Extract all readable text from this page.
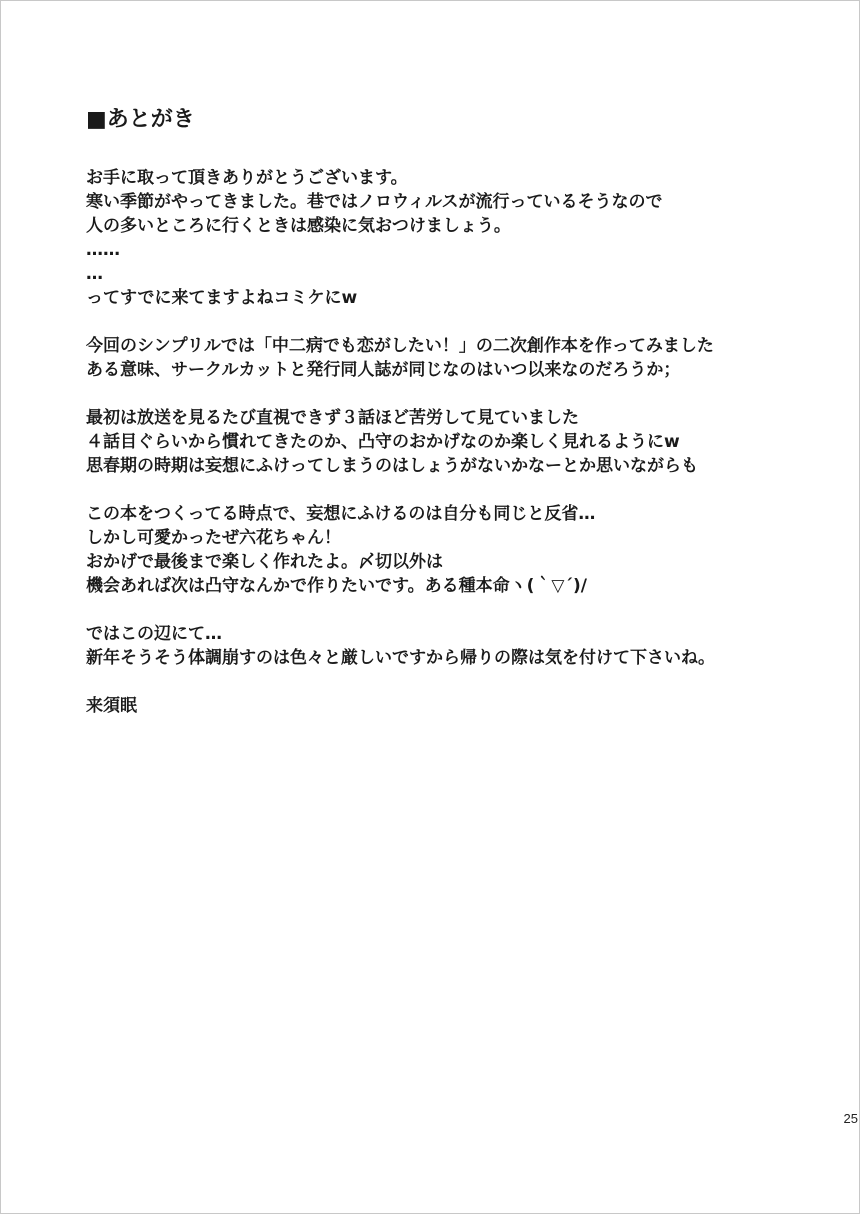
■あとがき
お手に取って頂きありがとうございます。
寒い季節がやってきました。巷ではノロウィルスが流行っているそうなので
人の多いところに行くときは感染に気おつけましょう。
……
…
ってすでに来てますよねコミケにw
今回のシンプリルでは「中二病でも恋がしたい！」の二次創作本を作ってみました
ある意味、サークルカットと発行同人誌が同じなのはいつ以来なのだろうか；
最初は放送を見るたび直視できず３話ほど苦労して見ていました
４話目ぐらいから慣れてきたのか、凸守のおかげなのか楽しく見れるようにw
思春期の時期は妄想にふけってしまうのはしょうがないかなーとか思いながらも
この本をつくってる時点で、妄想にふけるのは自分も同じと反省…
しかし可愛かったぜ六花ちゃん！
おかげで最後まで楽しく作れたよ。〆切以外は
機会あれば次は凸守なんかで作りたいです。ある種本命ヽ(｀▽´)/
ではこの辺にて…
新年そうそう体調崩すのは色々と厳しいですから帰りの際は気を付けて下さいね。
来須眠
25
